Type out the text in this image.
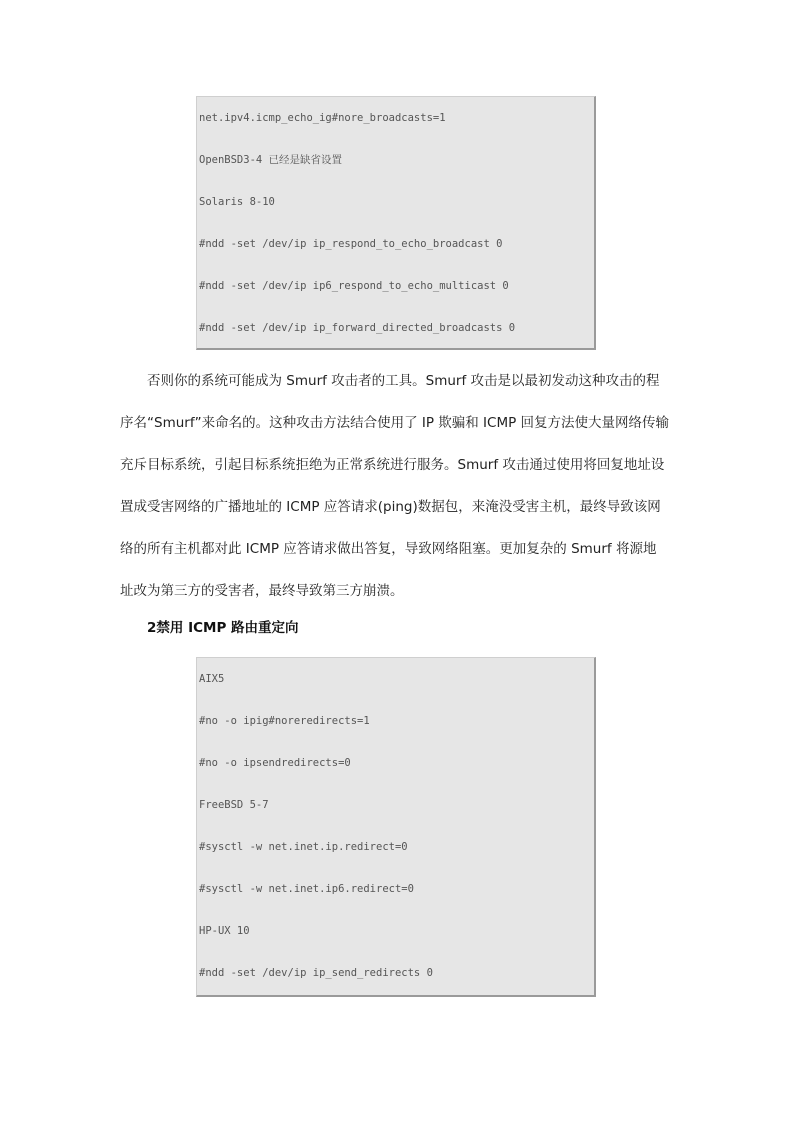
net.ipv4.icmp_echo_ig#nore_broadcasts=1
OpenBSD3-4 已经是缺省设置
Solaris 8-10
#ndd -set /dev/ip ip_respond_to_echo_broadcast 0
#ndd -set /dev/ip ip6_respond_to_echo_multicast 0
#ndd -set /dev/ip ip_forward_directed_broadcasts 0
否则你的系统可能成为 Smurf 攻击者的工具。Smurf 攻击是以最初发动这种攻击的程
序名“Smurf”来命名的。这种攻击方法结合使用了 IP 欺骗和 ICMP 回复方法使大量网络传输
充斥目标系统，引起目标系统拒绝为正常系统进行服务。Smurf 攻击通过使用将回复地址设
置成受害网络的广播地址的 ICMP 应答请求(ping)数据包，来淹没受害主机，最终导致该网
络的所有主机都对此 ICMP 应答请求做出答复，导致网络阻塞。更加复杂的 Smurf 将源地
址改为第三方的受害者，最终导致第三方崩溃。
2禁用 ICMP 路由重定向
AIX5
#no -o ipig#noreredirects=1
#no -o ipsendredirects=0
FreeBSD 5-7
#sysctl -w net.inet.ip.redirect=0
#sysctl -w net.inet.ip6.redirect=0
HP-UX 10
#ndd -set /dev/ip ip_send_redirects 0
